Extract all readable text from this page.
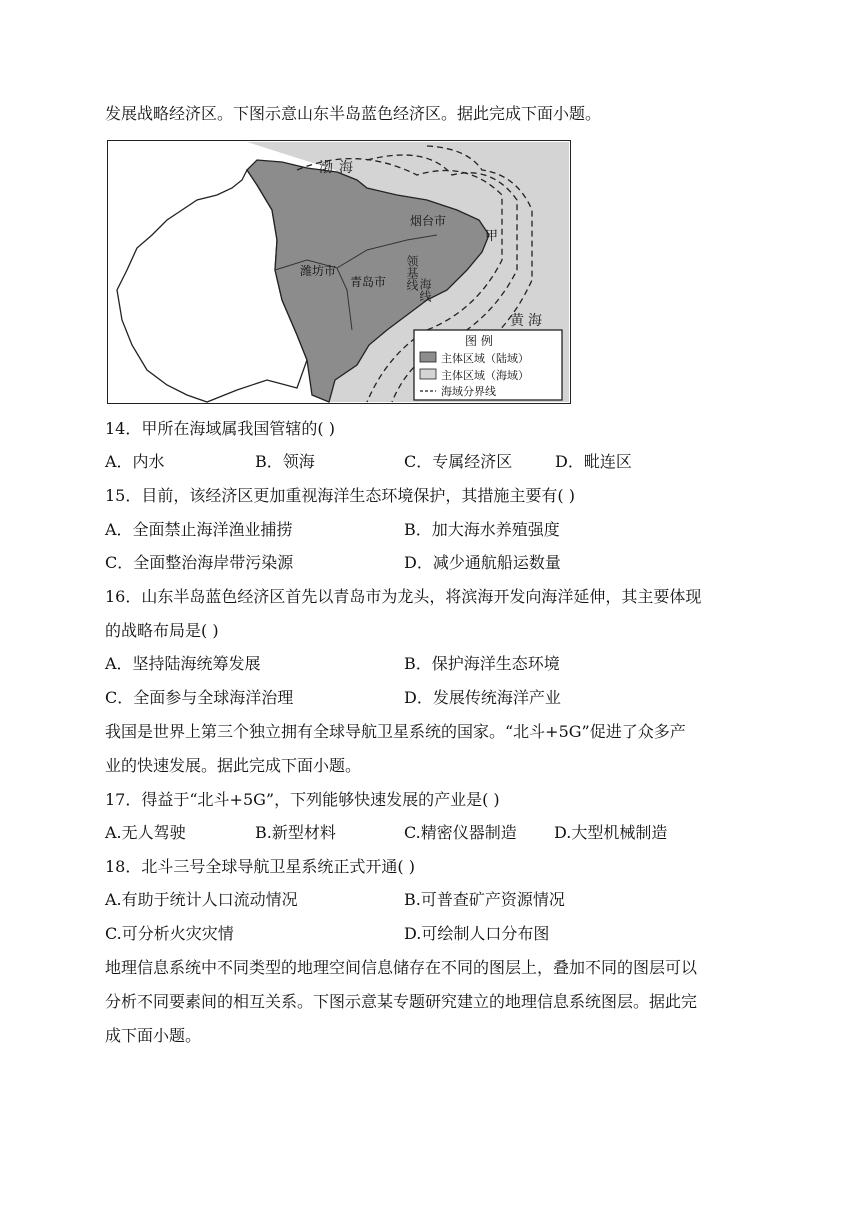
发展战略经济区。下图示意山东半岛蓝色经济区。据此完成下面小题。
渤海
黄海
烟台市
潍坊市
青岛市
甲
领基线 海线
图 例
主体区域（陆域）
主体区域（海域）
海域分界线
14．甲所在海域属我国管辖的( )
A．内水	B．领海	C．专属经济区	D．毗连区
15．目前，该经济区更加重视海洋生态环境保护，其措施主要有( )
A．全面禁止海洋渔业捕捞	B．加大海水养殖强度
C．全面整治海岸带污染源	D．减少通航船运数量
16．山东半岛蓝色经济区首先以青岛市为龙头，将滨海开发向海洋延伸，其主要体现
的战略布局是( )
A．坚持陆海统筹发展	B．保护海洋生态环境
C．全面参与全球海洋治理	D．发展传统海洋产业
我国是世界上第三个独立拥有全球导航卫星系统的国家。“北斗+5G”促进了众多产
业的快速发展。据此完成下面小题。
17．得益于“北斗+5G”，下列能够快速发展的产业是( )
A.无人驾驶	B.新型材料	C.精密仪器制造 D.大型机械制造
18．北斗三号全球导航卫星系统正式开通( )
A.有助于统计人口流动情况	B.可普查矿产资源情况
C.可分析火灾灾情	D.可绘制人口分布图
地理信息系统中不同类型的地理空间信息储存在不同的图层上，叠加不同的图层可以
分析不同要素间的相互关系。下图示意某专题研究建立的地理信息系统图层。据此完
成下面小题。
